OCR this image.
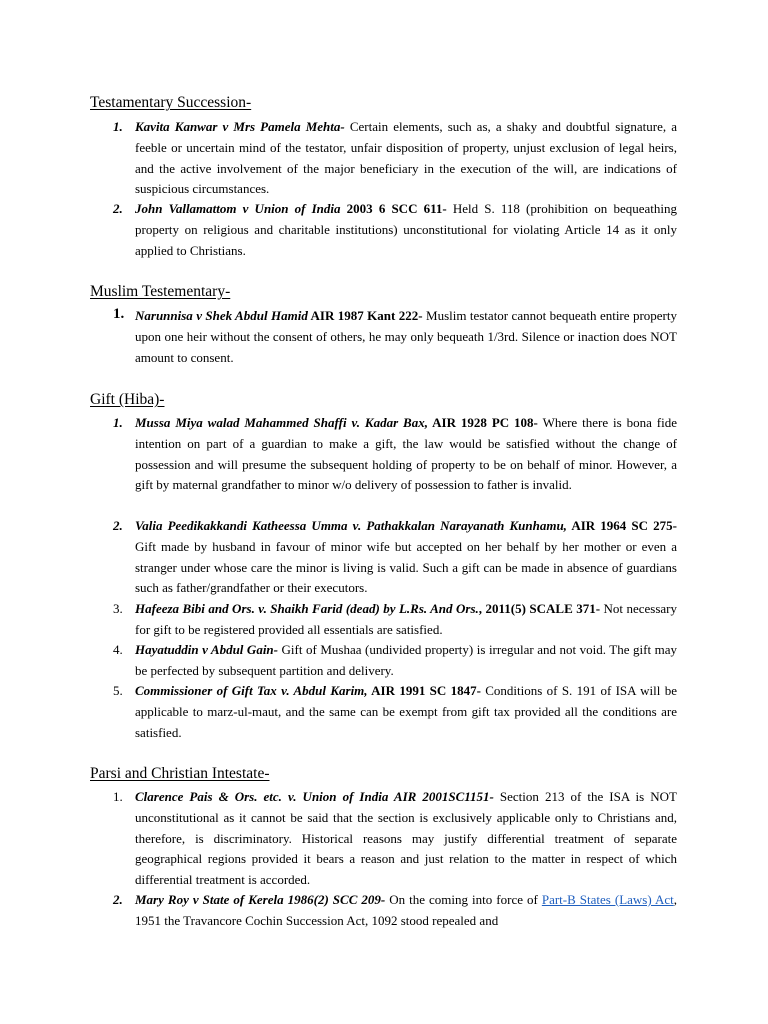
Testamentary Succession-
1. Kavita Kanwar v Mrs Pamela Mehta- Certain elements, such as, a shaky and doubtful signature, a feeble or uncertain mind of the testator, unfair disposition of property, unjust exclusion of legal heirs, and the active involvement of the major beneficiary in the execution of the will, are indications of suspicious circumstances.
2. John Vallamattom v Union of India 2003 6 SCC 611- Held S. 118 (prohibition on bequeathing property on religious and charitable institutions) unconstitutional for violating Article 14 as it only applied to Christians.
Muslim Testementary-
1. Narunnisa v Shek Abdul Hamid AIR 1987 Kant 222- Muslim testator cannot bequeath entire property upon one heir without the consent of others, he may only bequeath 1/3rd. Silence or inaction does NOT amount to consent.
Gift (Hiba)-
1. Mussa Miya walad Mahammed Shaffi v. Kadar Bax, AIR 1928 PC 108- Where there is bona fide intention on part of a guardian to make a gift, the law would be satisfied without the change of possession and will presume the subsequent holding of property to be on behalf of minor. However, a gift by maternal grandfather to minor w/o delivery of possession to father is invalid.
2. Valia Peedikakkandi Katheessa Umma v. Pathakkalan Narayanath Kunhamu, AIR 1964 SC 275- Gift made by husband in favour of minor wife but accepted on her behalf by her mother or even a stranger under whose care the minor is living is valid. Such a gift can be made in absence of guardians such as father/grandfather or their executors.
3. Hafeeza Bibi and Ors. v. Shaikh Farid (dead) by L.Rs. And Ors., 2011(5) SCALE 371- Not necessary for gift to be registered provided all essentials are satisfied.
4. Hayatuddin v Abdul Gain- Gift of Mushaa (undivided property) is irregular and not void. The gift may be perfected by subsequent partition and delivery.
5. Commissioner of Gift Tax v. Abdul Karim, AIR 1991 SC 1847- Conditions of S. 191 of ISA will be applicable to marz-ul-maut, and the same can be exempt from gift tax provided all the conditions are satisfied.
Parsi and Christian Intestate-
1. Clarence Pais & Ors. etc. v. Union of India AIR 2001SC1151- Section 213 of the ISA is NOT unconstitutional as it cannot be said that the section is exclusively applicable only to Christians and, therefore, is discriminatory. Historical reasons may justify differential treatment of separate geographical regions provided it bears a reason and just relation to the matter in respect of which differential treatment is accorded.
2. Mary Roy v State of Kerela 1986(2) SCC 209- On the coming into force of Part-B States (Laws) Act, 1951 the Travancore Cochin Succession Act, 1092 stood repealed and
